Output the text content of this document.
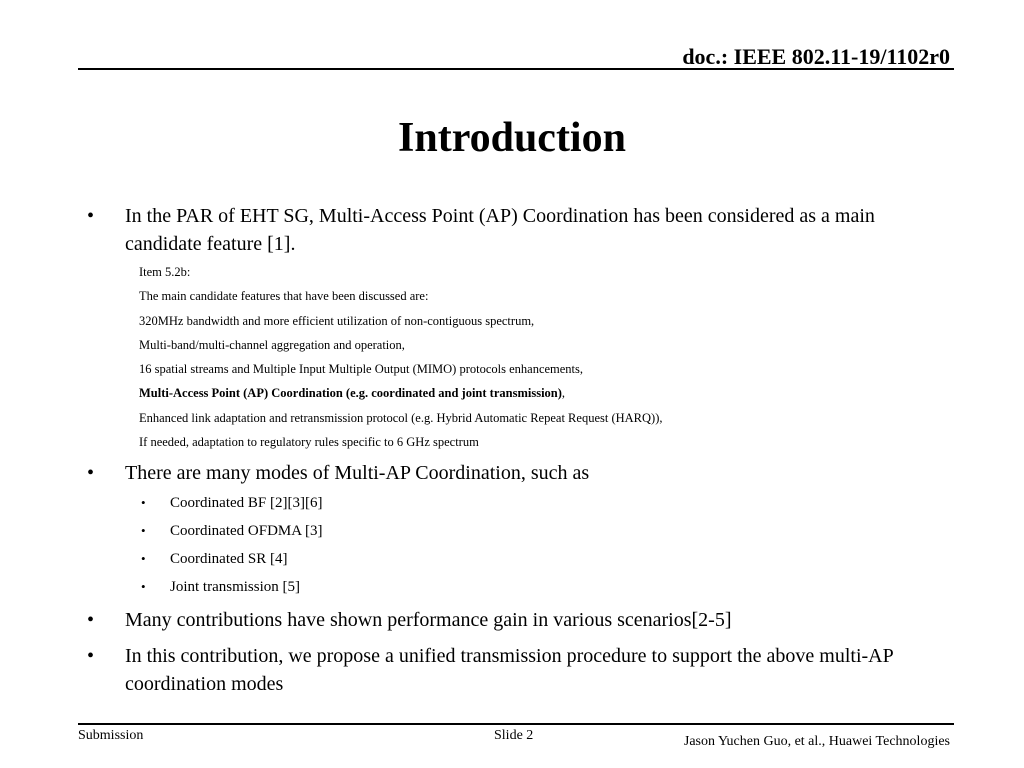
doc.: IEEE 802.11-19/1102r0
Introduction
• In the PAR of EHT SG, Multi-Access Point (AP) Coordination has been considered as a main candidate feature [1].
Item 5.2b:
The main candidate features that have been discussed are:
320MHz bandwidth and more efficient utilization of non-contiguous spectrum,
Multi-band/multi-channel aggregation and operation,
16 spatial streams and Multiple Input Multiple Output (MIMO) protocols enhancements,
Multi-Access Point (AP) Coordination (e.g. coordinated and joint transmission),
Enhanced link adaptation and retransmission protocol (e.g. Hybrid Automatic Repeat Request (HARQ)),
If needed, adaptation to regulatory rules specific to 6 GHz spectrum
• There are many modes of Multi-AP Coordination, such as
• Coordinated BF [2][3][6]
• Coordinated OFDMA [3]
• Coordinated SR [4]
• Joint transmission [5]
• Many contributions have shown performance gain in various scenarios[2-5]
• In this contribution, we propose a unified transmission procedure to support the above multi-AP coordination modes
Submission	Slide 2	Jason Yuchen Guo, et al., Huawei Technologies
